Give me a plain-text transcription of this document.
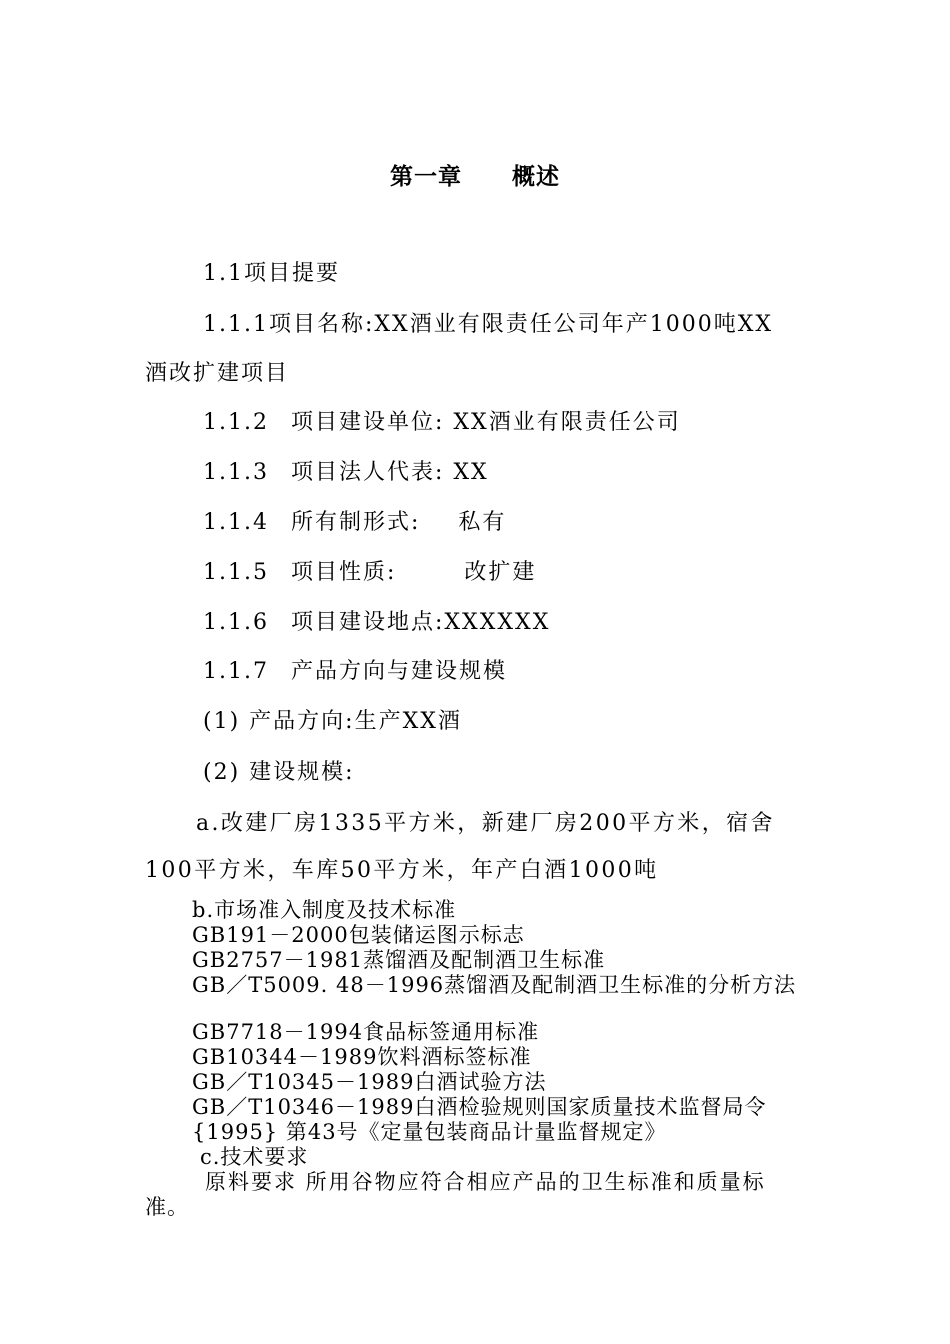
第一章 概述
1.1项目提要
1.1.1项目名称:XX酒业有限责任公司年产1000吨XX
酒改扩建项目
1.1.2 项目建设单位: XX酒业有限责任公司
1.1.3 项目法人代表: XX
1.1.4 所有制形式: 私有
1.1.5 项目性质:	改扩建
1.1.6 项目建设地点:XXXXXX
1.1.7 产品方向与建设规模
(1) 产品方向:生产XX酒
(2) 建设规模:
a.改建厂房1335平方米，新建厂房200平方米，宿舍
100平方米，车库50平方米，年产白酒1000吨
b.市场准入制度及技术标准
GB191－2000包装储运图示标志
GB2757－1981蒸馏酒及配制酒卫生标准
GB／T5009. 48－1996蒸馏酒及配制酒卫生标准的分析方法
GB7718－1994食品标签通用标准
GB10344－1989饮料酒标签标准
GB／T10345－1989白酒试验方法
GB／T10346－1989白酒检验规则国家质量技术监督局令
{1995} 第43号《定量包装商品计量监督规定》
c.技术要求
原料要求 所用谷物应符合相应产品的卫生标准和质量标
准。
